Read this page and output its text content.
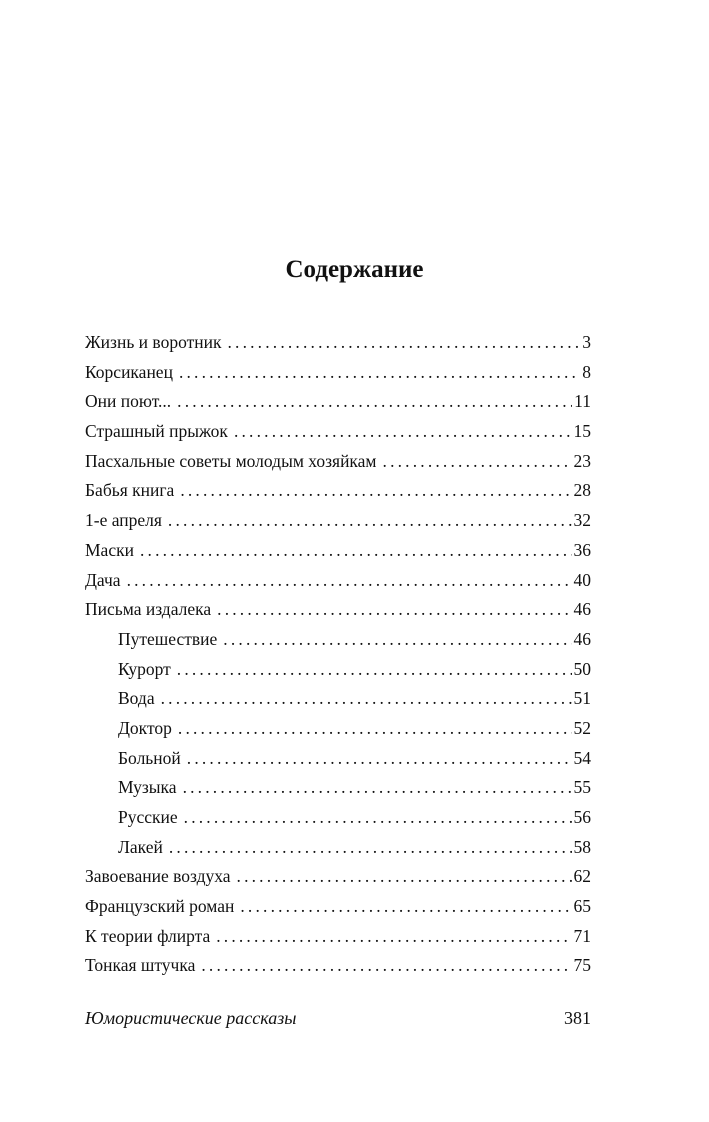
Содержание
Жизнь и воротник . . .	3
Корсиканец . . .	8
Они поют... . . .	11
Страшный прыжок . . .	15
Пасхальные советы молодым хозяйкам . . .	23
Бабья книга . . .	28
1-е апреля . . .	32
Маски . . .	36
Дача . . .	40
Письма издалека . . .	46
Путешествие . . .	46
Курорт . . .	50
Вода . . .	51
Доктор . . .	52
Больной . . .	54
Музыка . . .	55
Русские . . .	56
Лакей . . .	58
Завоевание воздуха . . .	62
Французский роман . . .	65
К теории флирта . . .	71
Тонкая штучка . . .	75
Юмористические рассказы	381
